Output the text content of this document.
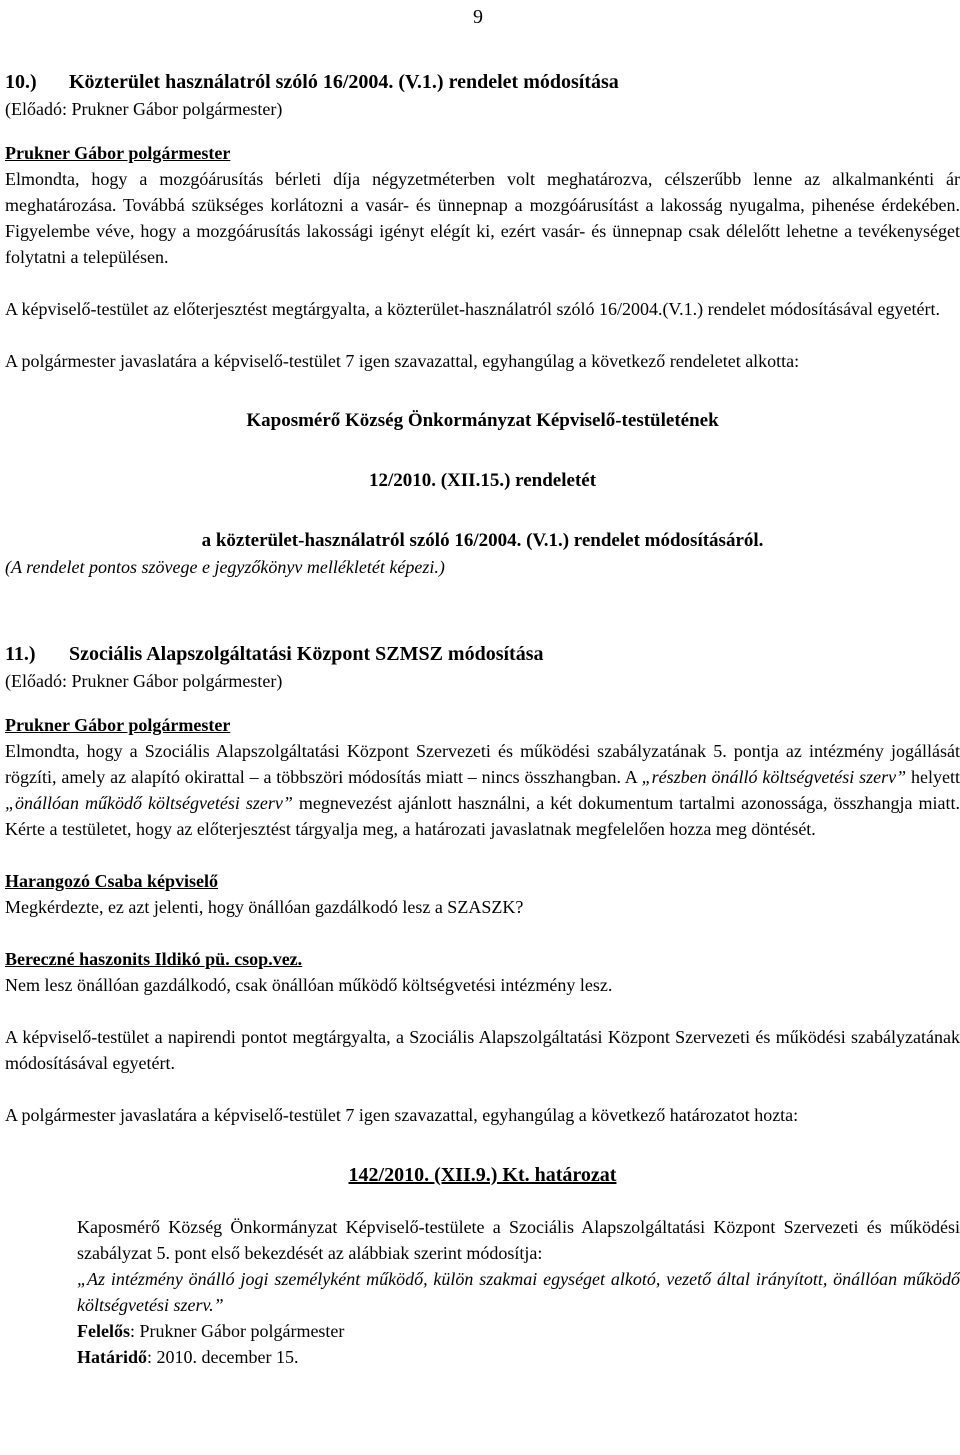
9

10.) Közterület használatról szóló 16/2004. (V.1.) rendelet módosítása

(Előadó: Prukner Gábor polgármester)

Prukner Gábor polgármester

Elmondta, hogy a mozgóárusítás bérleti díja négyzetméterben volt meghatározva, célszerűbb lenne az alkalmankénti ár meghatározása. Továbbá szükséges korlátozni a vasár- és ünnepnap a mozgóárusítást a lakosság nyugalma, pihenése érdekében. Figyelembe véve, hogy a mozgóárusítás lakossági igényt elégít ki, ezért vasár- és ünnepnap csak délelőtt lehetne a tevékenységet folytatni a településen.

A képviselő-testület az előterjesztést megtárgyalta, a közterület-használatról szóló 16/2004.(V.1.) rendelet módosításával egyetért.

A polgármester javaslatára a képviselő-testület 7 igen szavazattal, egyhangúlag a következő rendeletet alkotta:

Kaposmérő Község Önkormányzat Képviselő-testületének

12/2010. (XII.15.) rendeletét

a közterület-használatról szóló 16/2004. (V.1.) rendelet módosításáról.

(A rendelet pontos szövege e jegyzőkönyv mellékletét képezi.)

11.) Szociális Alapszolgáltatási Központ SZMSZ módosítása

(Előadó: Prukner Gábor polgármester)

Prukner Gábor polgármester

Elmondta, hogy a Szociális Alapszolgáltatási Központ Szervezeti és működési szabályzatának 5. pontja az intézmény jogállását rögzíti, amely az alapító okirattal – a többszöri módosítás miatt – nincs összhangban. A „részben önálló költségvetési szerv” helyett „önállóan működő költségvetési szerv” megnevezést ajánlott használni, a két dokumentum tartalmi azonossága, összhangja miatt. Kérte a testületet, hogy az előterjesztést tárgyalja meg, a határozati javaslatnak megfelelően hozza meg döntését.

Harangozó Csaba képviselő

Megkérdezte, ez azt jelenti, hogy önállóan gazdálkodó lesz a SZASZK?

Bereczné haszonits Ildikó pü. csop.vez.

Nem lesz önállóan gazdálkodó, csak önállóan működő költségvetési intézmény lesz.

A képviselő-testület a napirendi pontot megtárgyalta, a Szociális Alapszolgáltatási Központ Szervezeti és működési szabályzatának módosításával egyetért.

A polgármester javaslatára a képviselő-testület 7 igen szavazattal, egyhangúlag a következő határozatot hozta:

142/2010. (XII.9.) Kt. határozat

Kaposmérő Község Önkormányzat Képviselő-testülete a Szociális Alapszolgáltatási Központ Szervezeti és működési szabályzat 5. pont első bekezdését az alábbiak szerint módosítja:

„Az intézmény önálló jogi személyként működő, külön szakmai egységet alkotó, vezető által irányított, önállóan működő költségvetési szerv.”

Felelős: Prukner Gábor polgármester

Határidő: 2010. december 15.
